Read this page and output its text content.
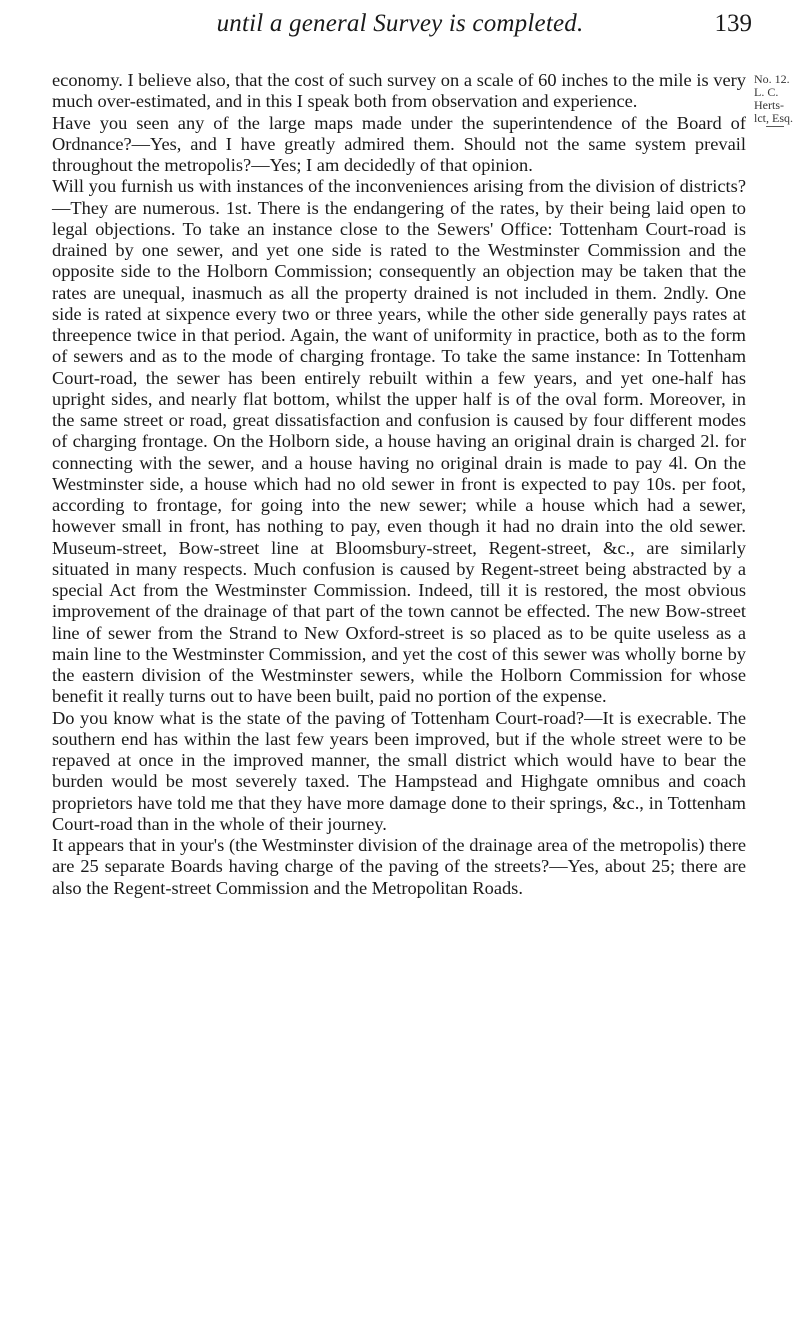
until a general Survey is completed.	139
No. 12.
L. C. Herts-
lct, Esq.

economy. I believe also, that the cost of such survey on a scale of 60 inches to the mile is very much over-estimated, and in this I speak both from observation and experience.

Have you seen any of the large maps made under the superintendence of the Board of Ordnance?—Yes, and I have greatly admired them. Should not the same system prevail throughout the metropolis?—Yes; I am decidedly of that opinion.

Will you furnish us with instances of the inconveniences arising from the division of districts?—They are numerous. 1st. There is the endangering of the rates, by their being laid open to legal objections. To take an instance close to the Sewers' Office: Tottenham Court-road is drained by one sewer, and yet one side is rated to the Westminster Commission and the opposite side to the Holborn Commission; consequently an objection may be taken that the rates are unequal, inasmuch as all the property drained is not included in them. 2ndly. One side is rated at sixpence every two or three years, while the other side generally pays rates at threepence twice in that period. Again, the want of uniformity in practice, both as to the form of sewers and as to the mode of charging frontage. To take the same instance: In Tottenham Court-road, the sewer has been entirely rebuilt within a few years, and yet one-half has upright sides, and nearly flat bottom, whilst the upper half is of the oval form. Moreover, in the same street or road, great dissatisfaction and confusion is caused by four different modes of charging frontage. On the Holborn side, a house having an original drain is charged 2l. for connecting with the sewer, and a house having no original drain is made to pay 4l. On the Westminster side, a house which had no old sewer in front is expected to pay 10s. per foot, according to frontage, for going into the new sewer; while a house which had a sewer, however small in front, has nothing to pay, even though it had no drain into the old sewer. Museum-street, Bow-street line at Bloomsbury-street, Regent-street, &c., are similarly situated in many respects. Much confusion is caused by Regent-street being abstracted by a special Act from the Westminster Commission. Indeed, till it is restored, the most obvious improvement of the drainage of that part of the town cannot be effected. The new Bow-street line of sewer from the Strand to New Oxford-street is so placed as to be quite useless as a main line to the Westminster Commission, and yet the cost of this sewer was wholly borne by the eastern division of the Westminster sewers, while the Holborn Commission for whose benefit it really turns out to have been built, paid no portion of the expense.

Do you know what is the state of the paving of Tottenham Court-road?—It is execrable. The southern end has within the last few years been improved, but if the whole street were to be repaved at once in the improved manner, the small district which would have to bear the burden would be most severely taxed. The Hampstead and Highgate omnibus and coach proprietors have told me that they have more damage done to their springs, &c., in Tottenham Court-road than in the whole of their journey.

It appears that in your's (the Westminster division of the drainage area of the metropolis) there are 25 separate Boards having charge of the paving of the streets?—Yes, about 25; there are also the Regent-street Commission and the Metropolitan Roads.
